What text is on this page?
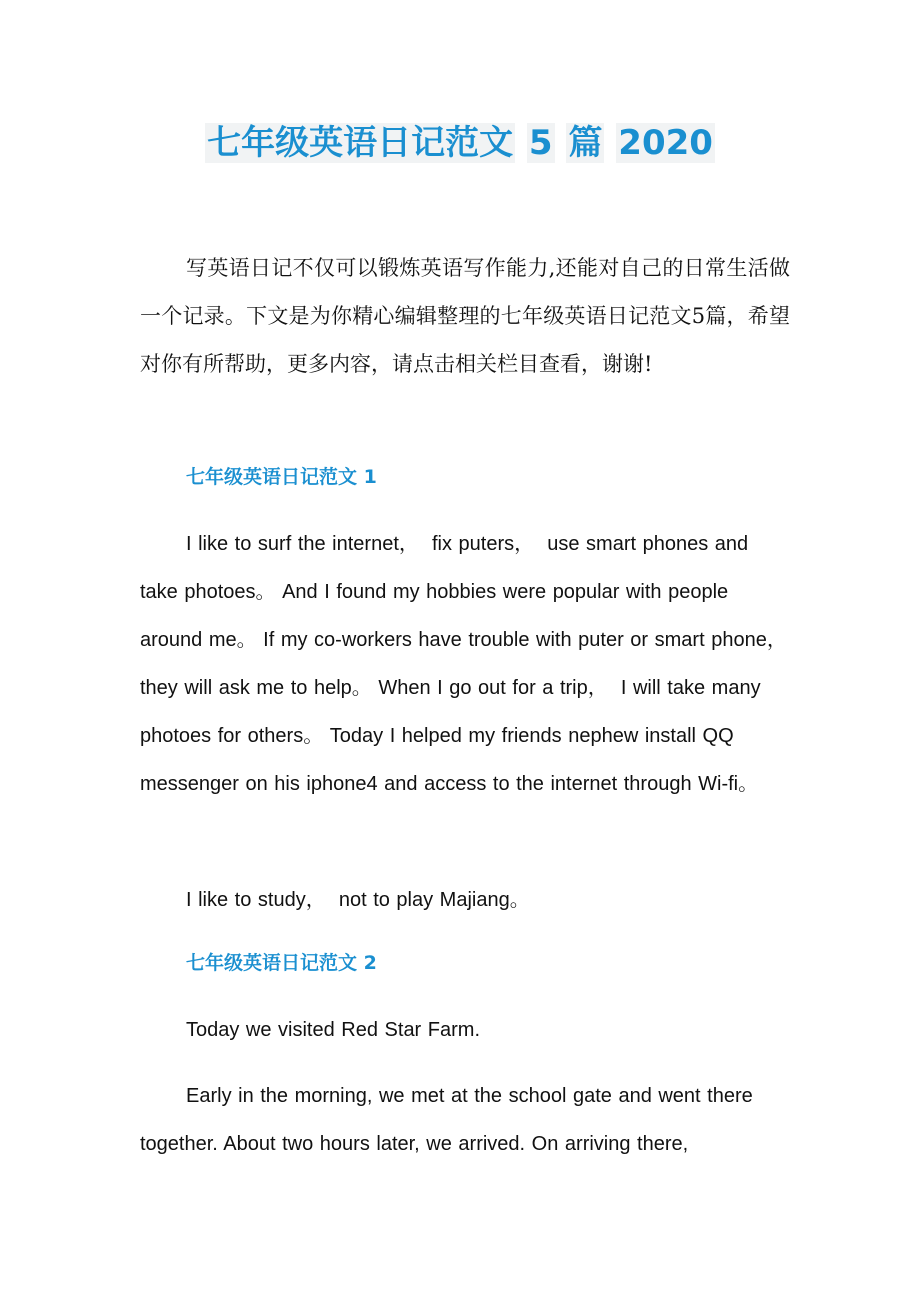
七年级英语日记范文 5 篇 2020

写英语日记不仅可以锻炼英语写作能力,还能对自己的日常生活做一个记录。下文是为你精心编辑整理的七年级英语日记范文5篇，希望对你有所帮助，更多内容，请点击相关栏目查看，谢谢!

七年级英语日记范文 1

I like to surf the internet，  fix puters，  use smart phones and take photoes。 And I found my hobbies were popular with people around me。 If my co-workers have trouble with puter or smart phone，  they will ask me to help。 When I go out for a trip，  I will take many photoes for others。 Today I helped my friends nephew install QQ messenger on his iphone4 and access to the internet through Wi-fi。

I like to study，  not to play Majiang。

七年级英语日记范文 2

Today we visited Red Star Farm.

Early in the morning, we met at the school gate and went there together. About two hours later, we arrived. On arriving there,
